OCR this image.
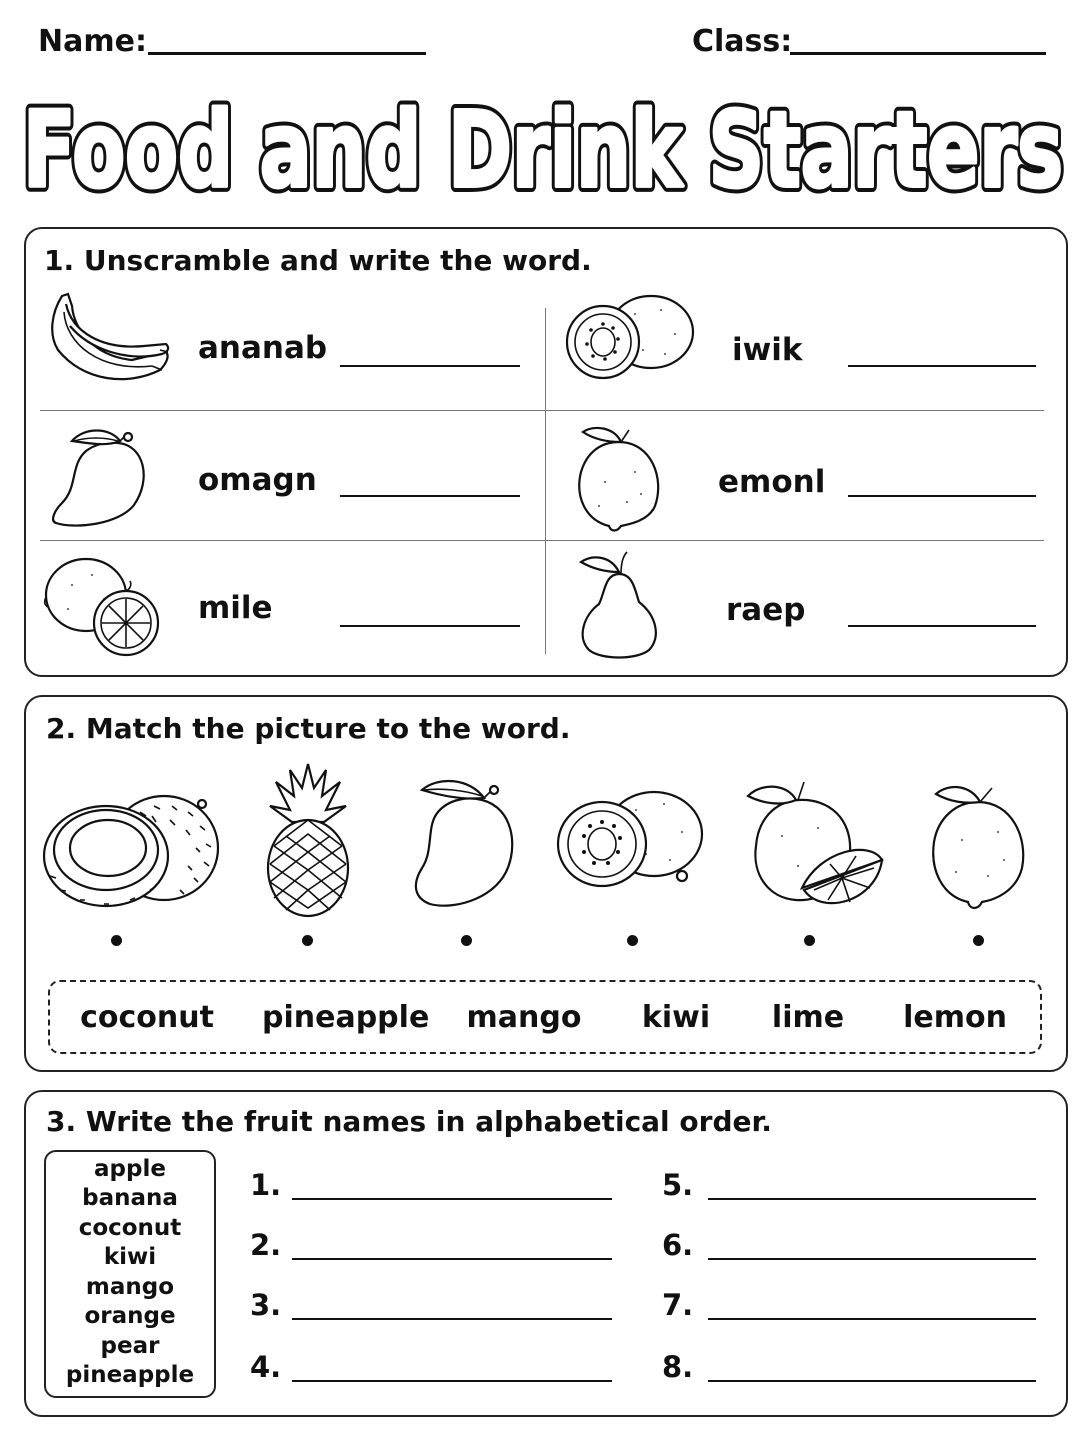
Name:	Class:
Food and Drink Starters
Food and Drink Starters
1. Unscramble and write the word.
ananab	iwik
omagn	emonl
mile	raep
2. Match the picture to the word.
coconut	pineapple	mango	kiwi	lime	lemon
3. Write the fruit names in alphabetical order.
apple
banana
coconut
kiwi
mango
orange
pear
pineapple
1.
2.
3.
4.
5.
6.
7.
8.
